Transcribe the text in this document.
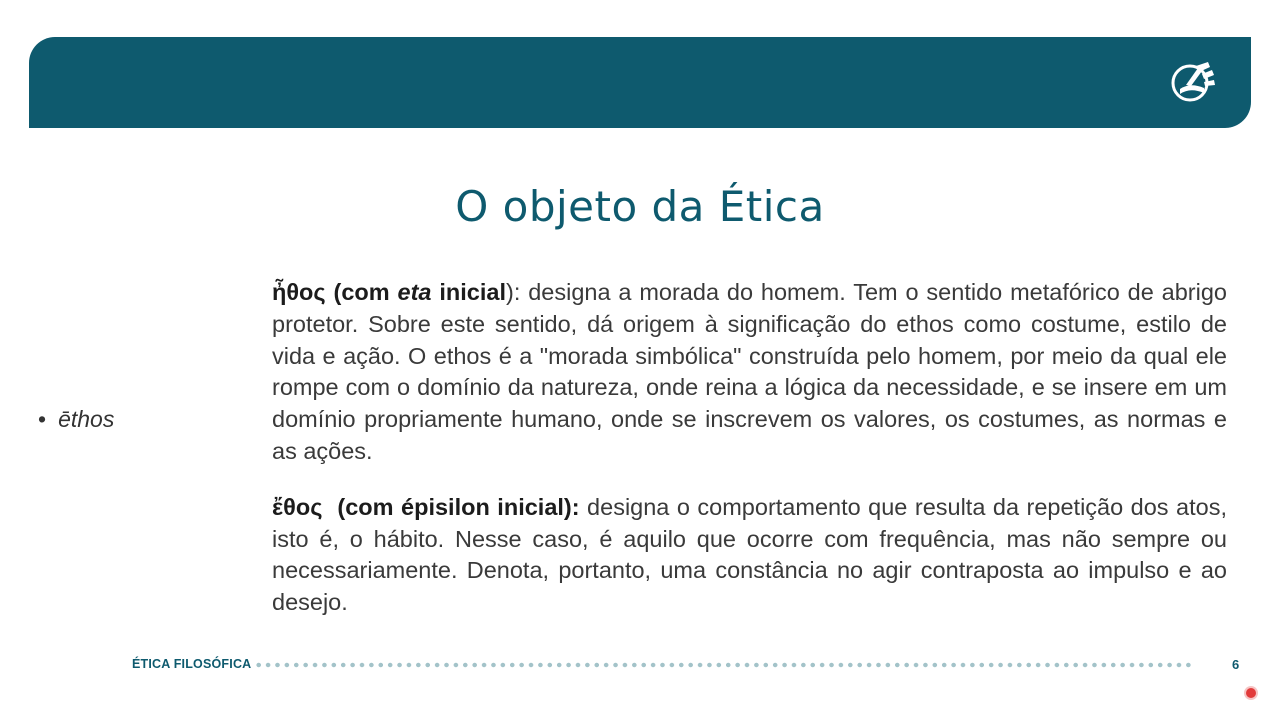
O objeto da Ética
• ēthos

ἦθος (com eta inicial): designa a morada do homem. Tem o sentido metafórico de abrigo protetor. Sobre este sentido, dá origem à significação do ethos como costume, estilo de vida e ação. O ethos é a "morada simbólica" construída pelo homem, por meio da qual ele rompe com o domínio da natureza, onde reina a lógica da necessidade, e se insere em um domínio propriamente humano, onde se inscrevem os valores, os costumes, as normas e as ações.

ἔθος  (com épisilon inicial): designa o comportamento que resulta da repetição dos atos, isto é, o hábito. Nesse caso, é aquilo que ocorre com frequência, mas não sempre ou necessariamente. Denota, portanto, uma constância no agir contraposta ao impulso e ao desejo.

ÉTICA FILOSÓFICA	6
